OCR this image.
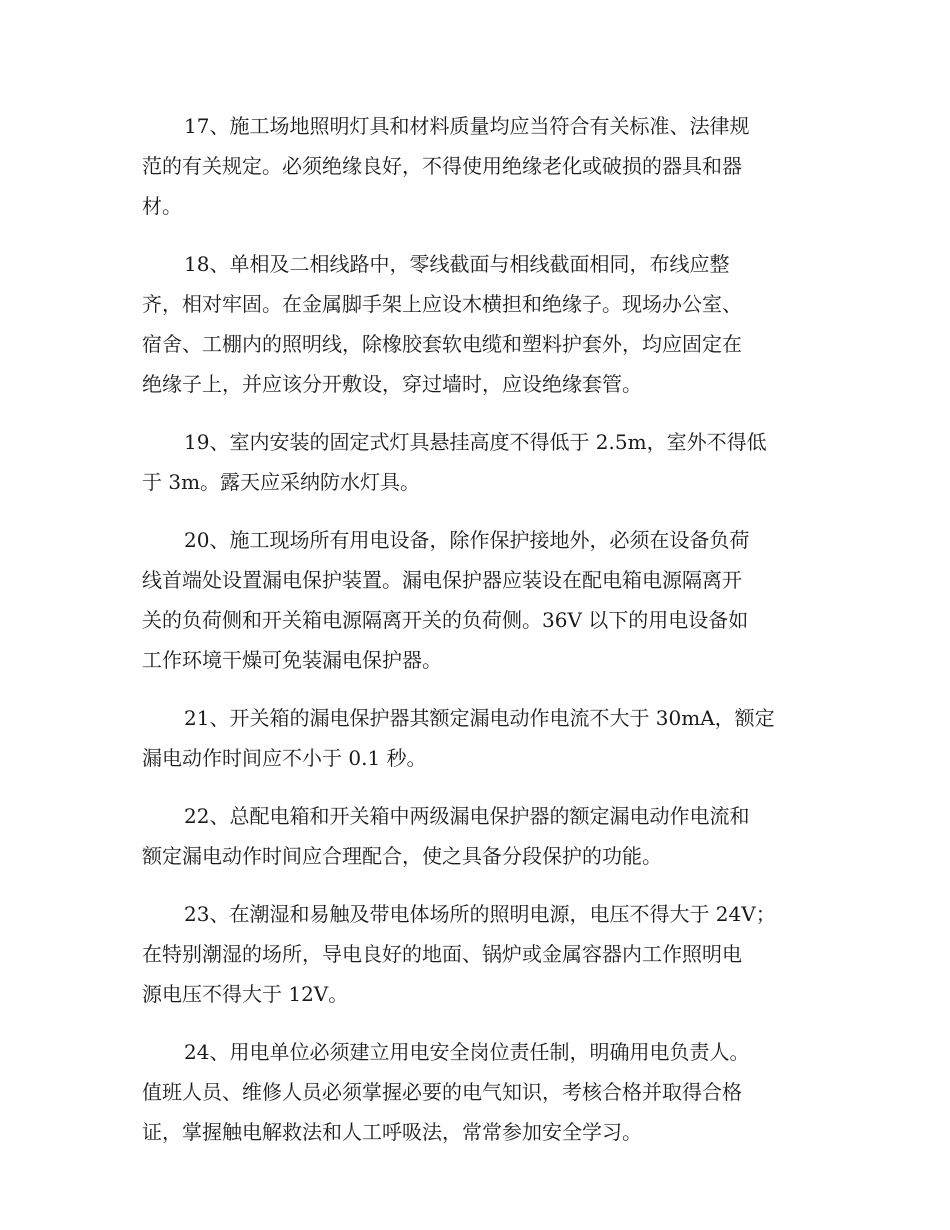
17、施工场地照明灯具和材料质量均应当符合有关标准、法律规
范的有关规定。必须绝缘良好，不得使用绝缘老化或破损的器具和器
材。

18、单相及二相线路中，零线截面与相线截面相同，布线应整
齐，相对牢固。在金属脚手架上应设木横担和绝缘子。现场办公室、
宿舍、工棚内的照明线，除橡胶套软电缆和塑料护套外，均应固定在
绝缘子上，并应该分开敷设，穿过墙时，应设绝缘套管。

19、室内安装的固定式灯具悬挂高度不得低于 2.5m，室外不得低
于 3m。露天应采纳防水灯具。

20、施工现场所有用电设备，除作保护接地外，必须在设备负荷
线首端处设置漏电保护装置。漏电保护器应装设在配电箱电源隔离开
关的负荷侧和开关箱电源隔离开关的负荷侧。36V 以下的用电设备如
工作环境干燥可免装漏电保护器。

21、开关箱的漏电保护器其额定漏电动作电流不大于 30mA，额定
漏电动作时间应不小于 0.1 秒。

22、总配电箱和开关箱中两级漏电保护器的额定漏电动作电流和
额定漏电动作时间应合理配合，使之具备分段保护的功能。

23、在潮湿和易触及带电体场所的照明电源，电压不得大于 24V；
在特别潮湿的场所，导电良好的地面、锅炉或金属容器内工作照明电
源电压不得大于 12V。

24、用电单位必须建立用电安全岗位责任制，明确用电负责人。
值班人员、维修人员必须掌握必要的电气知识，考核合格并取得合格
证，掌握触电解救法和人工呼吸法，常常参加安全学习。
